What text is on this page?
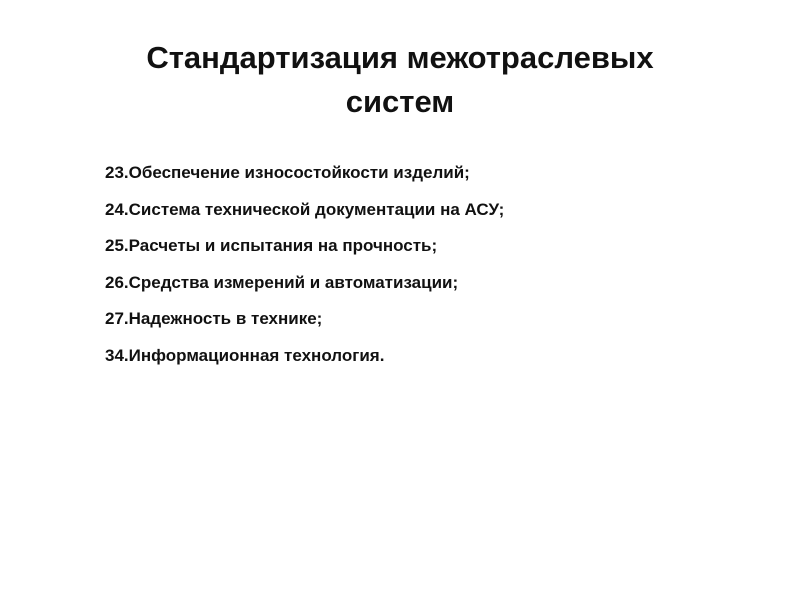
Стандартизация межотраслевых
систем
23.Обеспечение износостойкости изделий;
24.Система технической документации на АСУ;
25.Расчеты и испытания на прочность;
26.Средства измерений и автоматизации;
27.Надежность в технике;
34.Информационная технология.
